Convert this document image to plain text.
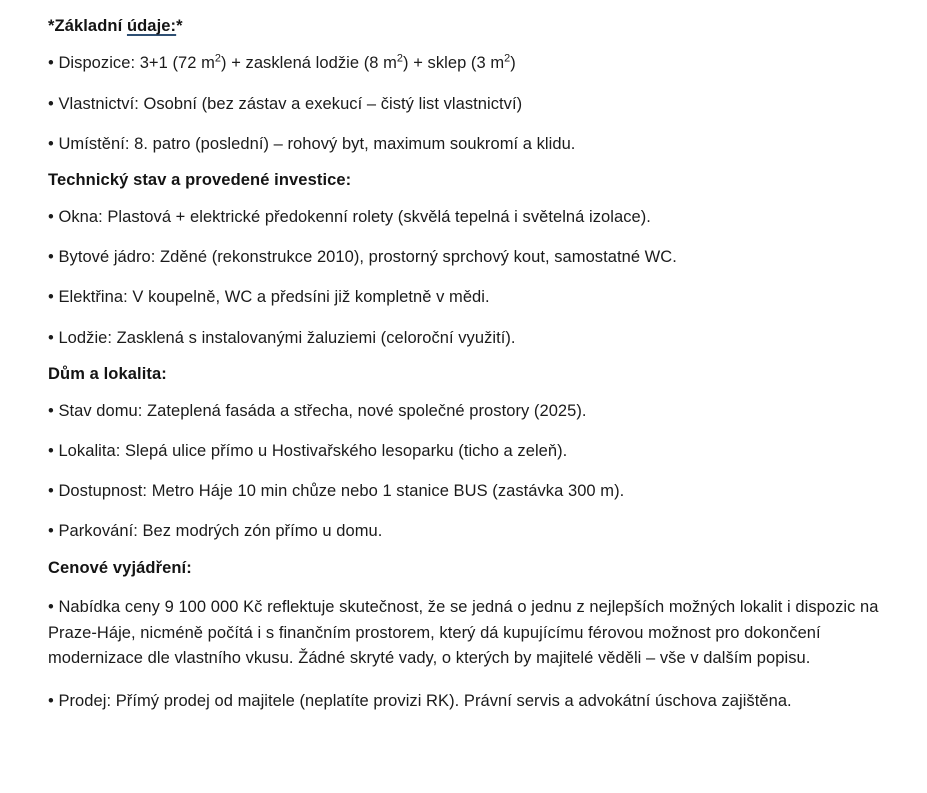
*Základní údaje:*

• Dispozice: 3+1 (72 $m^2$) + zasklená lodžie (8 $m^2$) + sklep (3 $m^2$)

• Vlastnictví: Osobní (bez zástav a exekucí – čistý list vlastnictví)

• Umístění: 8. patro (poslední) – rohový byt, maximum soukromí a klidu.

Technický stav a provedené investice:

• Okna: Plastová + elektrické předokenní rolety (skvělá tepelná i světelná izolace).

• Bytové jádro: Zděné (rekonstrukce 2010), prostorný sprchový kout, samostatné WC.

• Elektřina: V koupelně, WC a předsíni již kompletně v mědi.

• Lodžie: Zasklená s instalovanými žaluziemi (celoroční využití).

Dům a lokalita:

• Stav domu: Zateplená fasáda a střecha, nové společné prostory (2025).

• Lokalita: Slepá ulice přímo u Hostivařského lesoparku (ticho a zeleň).

• Dostupnost: Metro Háje 10 min chůze nebo 1 stanice BUS (zastávka 300 m).

• Parkování: Bez modrých zón přímo u domu.

Cenové vyjádření:

• Nabídka ceny 9 100 000 Kč reflektuje skutečnost, že se jedná o jednu z nejlepších možných lokalit i dispozic na Praze-Háje, nicméně počítá i s finančním prostorem, který dá kupujícímu férovou možnost pro dokončení modernizace dle vlastního vkusu. Žádné skryté vady, o kterých by majitelé věděli – vše v dalším popisu.

• Prodej: Přímý prodej od majitele (neplatíte provizi RK). Právní servis a advokátní úschova zajištěna.
